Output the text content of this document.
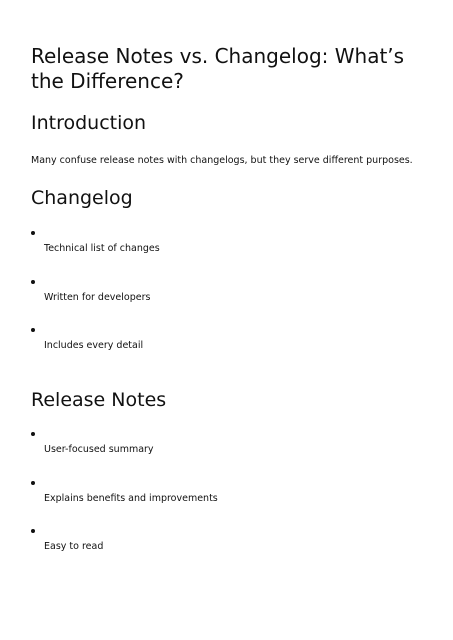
Release Notes vs. Changelog: What’s the Difference?
Introduction

Many confuse release notes with changelogs, but they serve different purposes.

Changelog
Technical list of changes
Written for developers
Includes every detail
Release Notes
User-focused summary
Explains benefits and improvements
Easy to read
